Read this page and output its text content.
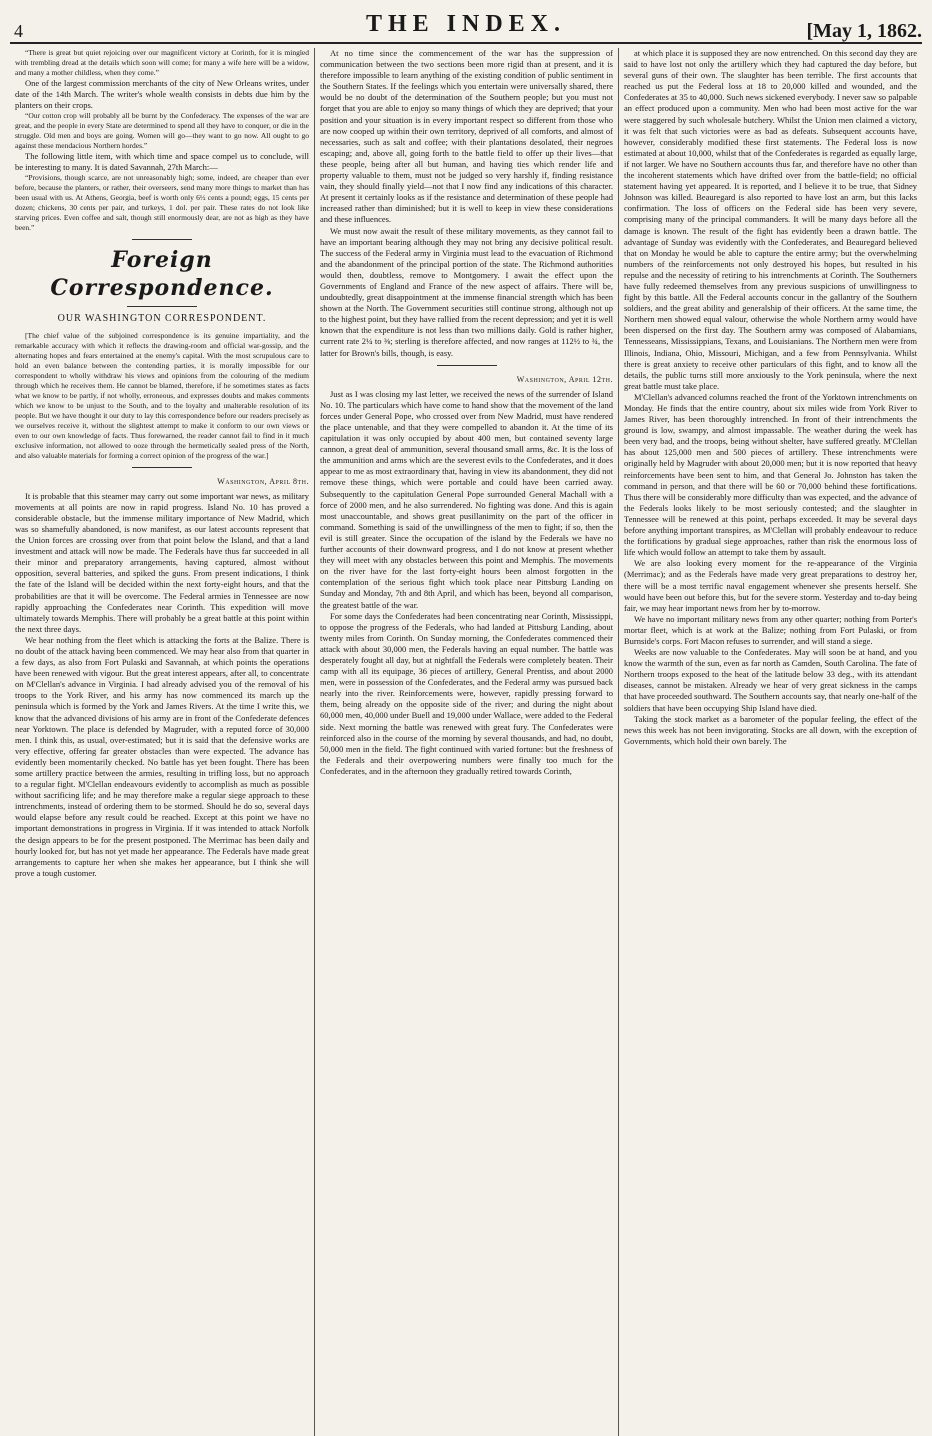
4	THE INDEX.	[May 1, 1862.

“There is great but quiet rejoicing over our magnificent victory at Corinth, for it is mingled with trembling dread at the details which soon will come; for many a wife here will be a widow, and many a mother childless, when they come.”

One of the largest commission merchants of the city of New Orleans writes, under date of the 14th March. The writer's whole wealth consists in debts due him by the planters on their crops.

“Our cotton crop will probably all be burnt by the Confederacy. The expenses of the war are great, and the people in every State are determined to spend all they have to conquer, or die in the struggle. Old men and boys are going. Women will go—they want to go now. All ought to go against these mendacious Northern hordes.”

The following little item, with which time and space compel us to conclude, will be interesting to many. It is dated Savannah, 27th March:—

“Provisions, though scarce, are not unreasonably high; some, indeed, are cheaper than ever before, because the planters, or rather, their overseers, send many more things to market than has been usual with us. At Athens, Georgia, beef is worth only 6½ cents a pound; eggs, 15 cents per dozen; chickens, 30 cents per pair, and turkeys, 1 dol. per pair. These rates do not look like starving prices. Even coffee and salt, though still enormously dear, are not as high as they have been.”

Foreign Correspondence.
OUR WASHINGTON CORRESPONDENT.

[The chief value of the subjoined correspondence is its genuine impartiality, and the remarkable accuracy with which it reflects the drawing-room and official war-gossip, and the alternating hopes and fears entertained at the enemy's capital. With the most scrupulous care to hold an even balance between the contending parties, it is morally impossible for our correspondent to wholly withdraw his views and opinions from the colouring of the medium through which he receives them. He cannot be blamed, therefore, if he sometimes states as facts what we know to be partly, if not wholly, erroneous, and expresses doubts and makes comments which we know to be unjust to the South, and to the loyalty and unalterable resolution of its people. But we have thought it our duty to lay this correspondence before our readers precisely as we ourselves receive it, without the slightest attempt to make it conform to our own views or even to our own knowledge of facts. Thus forewarned, the reader cannot fail to find in it much exclusive information, not allowed to ooze through the hermetically sealed press of the North, and also valuable materials for forming a correct opinion of the progress of the war.]

Washington, April 8th.

It is probable that this steamer may carry out some important war news, as military movements at all points are now in rapid progress. Island No. 10 has proved a considerable obstacle, but the immense military importance of New Madrid, which was so shamefully abandoned, is now manifest, as our latest accounts represent that the Union forces are crossing over from that point below the Island, and that a land investment and attack will now be made. The Federals have thus far succeeded in all their minor and preparatory arrangements, having captured, almost without opposition, several batteries, and spiked the guns. From present indications, I think the fate of the Island will be decided within the next forty-eight hours, and that the probabilities are that it will be overcome. The Federal armies in Tennessee are now rapidly approaching the Confederates near Corinth. This expedition will move ultimately towards Memphis. There will probably be a great battle at this point within the next three days.

We hear nothing from the fleet which is attacking the forts at the Balize. There is no doubt of the attack having been commenced. We may hear also from that quarter in a few days, as also from Fort Pulaski and Savannah, at which points the operations have been renewed with vigour. But the great interest appears, after all, to concentrate on M'Clellan's advance in Virginia. I had already advised you of the removal of his troops to the York River, and his army has now commenced its march up the peninsula which is formed by the York and James Rivers. At the time I write this, we know that the advanced divisions of his army are in front of the Confederate defences near Yorktown. The place is defended by Magruder, with a reputed force of 30,000 men. I think this, as usual, over-estimated; but it is said that the defensive works are very effective, offering far greater obstacles than were expected. The advance has evidently been momentarily checked. No battle has yet been fought. There has been some artillery practice between the armies, resulting in trifling loss, but no approach to a regular fight. M'Clellan endeavours evidently to accomplish as much as possible without sacrificing life; and he may therefore make a regular siege approach to these intrenchments, instead of ordering them to be stormed. Should he do so, several days would elapse before any result could be reached. Except at this point we have no important demonstrations in progress in Virginia. If it was intended to attack Norfolk the design appears to be for the present postponed. The Merrimac has been daily and hourly looked for, but has not yet made her appearance. The Federals have made great arrangements to capture her when she makes her appearance, but I think she will prove a tough customer.

At no time since the commencement of the war has the suppression of communication between the two sections been more rigid than at present, and it is therefore impossible to learn anything of the existing condition of public sentiment in the Southern States. If the feelings which you entertain were universally shared, there would be no doubt of the determination of the Southern people; but you must not forget that you are able to enjoy so many things of which they are deprived; that your position and your situation is in every important respect so different from those who are now cooped up within their own territory, deprived of all comforts, and almost of necessaries, such as salt and coffee; with their plantations desolated, their negroes escaping; and, above all, going forth to the battle field to offer up their lives—that these people, being after all but human, and having ties which render life and property valuable to them, must not be judged so very harshly if, finding resistance vain, they should finally yield—not that I now find any indications of this character. At present it certainly looks as if the resistance and determination of these people had increased rather than diminished; but it is well to keep in view these considerations and these influences.

We must now await the result of these military movements, as they cannot fail to have an important bearing although they may not bring any decisive political result. The success of the Federal army in Virginia must lead to the evacuation of Richmond and the abandonment of the principal portion of the state. The Richmond authorities would then, doubtless, remove to Montgomery. I await the effect upon the Governments of England and France of the new aspect of affairs. There will be, undoubtedly, great disappointment at the immense financial strength which has been shown at the North. The Government securities still continue strong, although not up to the highest point, but they have rallied from the recent depression; and yet it is well known that the expenditure is not less than two millions daily. Gold is rather higher, current rate 2¼ to ⅜; sterling is therefore affected, and now ranges at 112½ to ¾, the latter for Brown's bills, though, is easy.

Washington, April 12th.

Just as I was closing my last letter, we received the news of the surrender of Island No. 10. The particulars which have come to hand show that the movement of the land forces under General Pope, who crossed over from New Madrid, must have rendered the place untenable, and that they were compelled to abandon it. At the time of its capitulation it was only occupied by about 400 men, but contained seventy large cannon, a great deal of ammunition, several thousand small arms, &c. It is the loss of the ammunition and arms which are the severest evils to the Confederates, and it does appear to me as most extraordinary that, having in view its abandonment, they did not remove these things, which were portable and could have been carried away. Subsequently to the capitulation General Pope surrounded General Machall with a force of 2000 men, and he also surrendered. No fighting was done. And this is again most unaccountable, and shows great pusillanimity on the part of the officer in command. Something is said of the unwillingness of the men to fight; if so, then the evil is still greater. Since the occupation of the island by the Federals we have no further accounts of their downward progress, and I do not know at present whether they will meet with any obstacles between this point and Memphis. The movements on the river have for the last forty-eight hours been almost forgotten in the contemplation of the serious fight which took place near Pittsburg Landing on Sunday and Monday, 7th and 8th April, and which has been, beyond all comparison, the greatest battle of the war.

For some days the Confederates had been concentrating near Corinth, Mississippi, to oppose the progress of the Federals, who had landed at Pittsburg Landing, about twenty miles from Corinth. On Sunday morning, the Confederates commenced their attack with about 30,000 men, the Federals having an equal number. The battle was desperately fought all day, but at nightfall the Federals were completely beaten. Their camp with all its equipage, 36 pieces of artillery, General Prentiss, and about 2000 men, were in possession of the Confederates, and the Federal army was pursued back nearly into the river. Reinforcements were, however, rapidly pressing forward to them, being already on the opposite side of the river; and during the night about 60,000 men, 40,000 under Buell and 19,000 under Wallace, were added to the Federal side. Next morning the battle was renewed with great fury. The Confederates were reinforced also in the course of the morning by several thousands, and had, no doubt, 50,000 men in the field. The fight continued with varied fortune: but the freshness of the Federals and their overpowering numbers were finally too much for the Confederates, and in the afternoon they gradually retired towards Corinth,

at which place it is supposed they are now entrenched. On this second day they are said to have lost not only the artillery which they had captured the day before, but several guns of their own. The slaughter has been terrible. The first accounts that reached us put the Federal loss at 18 to 20,000 killed and wounded, and the Confederates at 35 to 40,000. Such news sickened everybody. I never saw so palpable an effect produced upon a community. Men who had been most active for the war were staggered by such wholesale butchery. Whilst the Union men claimed a victory, it was felt that such victories were as bad as defeats. Subsequent accounts have, however, considerably modified these first statements. The Federal loss is now estimated at about 10,000, whilst that of the Confederates is regarded as equally large, if not larger. We have no Southern accounts thus far, and therefore have no other than the incoherent statements which have drifted over from the battle-field; no official statement having yet appeared. It is reported, and I believe it to be true, that Sidney Johnson was killed. Beauregard is also reported to have lost an arm, but this lacks confirmation. The loss of officers on the Federal side has been very severe, comprising many of the principal commanders. It will be many days before all the damage is known. The result of the fight has evidently been a drawn battle. The advantage of Sunday was evidently with the Confederates, and Beauregard believed that on Monday he would be able to capture the entire army; but the overwhelming numbers of the reinforcements not only destroyed his hopes, but resulted in his repulse and the necessity of retiring to his intrenchments at Corinth. The Southerners have fully redeemed themselves from any previous suspicions of unwillingness to fight by this battle. All the Federal accounts concur in the gallantry of the Southern soldiers, and the great ability and generalship of their officers. At the same time, the Northern men showed equal valour, otherwise the whole Northern army would have been dispersed on the first day. The Southern army was composed of Alabamians, Tennesseans, Mississippians, Texans, and Louisianians. The Northern men were from Illinois, Indiana, Ohio, Missouri, Michigan, and a few from Pennsylvania. Whilst there is great anxiety to receive other particulars of this fight, and to know all the details, the public turns still more anxiously to the York peninsula, where the next great battle must take place.

M'Clellan's advanced columns reached the front of the Yorktown intrenchments on Monday. He finds that the entire country, about six miles wide from York River to James River, has been thoroughly intrenched. In front of their intrenchments the ground is low, swampy, and almost impassable. The weather during the week has been very bad, and the troops, being without shelter, have suffered greatly. M'Clellan has about 125,000 men and 500 pieces of artillery. These intrenchments were originally held by Magruder with about 20,000 men; but it is now reported that heavy reinforcements have been sent to him, and that General Jo. Johnston has taken the command in person, and that there will be 60 or 70,000 behind these fortifications. Thus there will be considerably more difficulty than was expected, and the advance of the Federals looks likely to be most seriously contested; and the slaughter in Tennessee will be renewed at this point, perhaps exceeded. It may be several days before anything important transpires, as M'Clellan will probably endeavour to reduce the fortifications by gradual siege approaches, rather than risk the enormous loss of life which would follow an attempt to take them by assault.

We are also looking every moment for the re-appearance of the Virginia (Merrimac); and as the Federals have made very great preparations to destroy her, there will be a most terrific naval engagement whenever she presents herself. She would have been out before this, but for the severe storm. Yesterday and to-day being fair, we may hear important news from her by to-morrow.

We have no important military news from any other quarter; nothing from Porter's mortar fleet, which is at work at the Balize; nothing from Fort Pulaski, or from Burnside's corps. Fort Macon refuses to surrender, and will stand a siege.

Weeks are now valuable to the Confederates. May will soon be at hand, and you know the warmth of the sun, even as far north as Camden, South Carolina. The fate of Northern troops exposed to the heat of the latitude below 33 deg., with its attendant diseases, cannot be mistaken. Already we hear of very great sickness in the camps that have proceeded southward. The Southern accounts say, that nearly one-half of the soldiers that have been occupying Ship Island have died.

Taking the stock market as a barometer of the popular feeling, the effect of the news this week has not been invigorating. Stocks are all down, with the exception of Governments, which hold their own barely. The
